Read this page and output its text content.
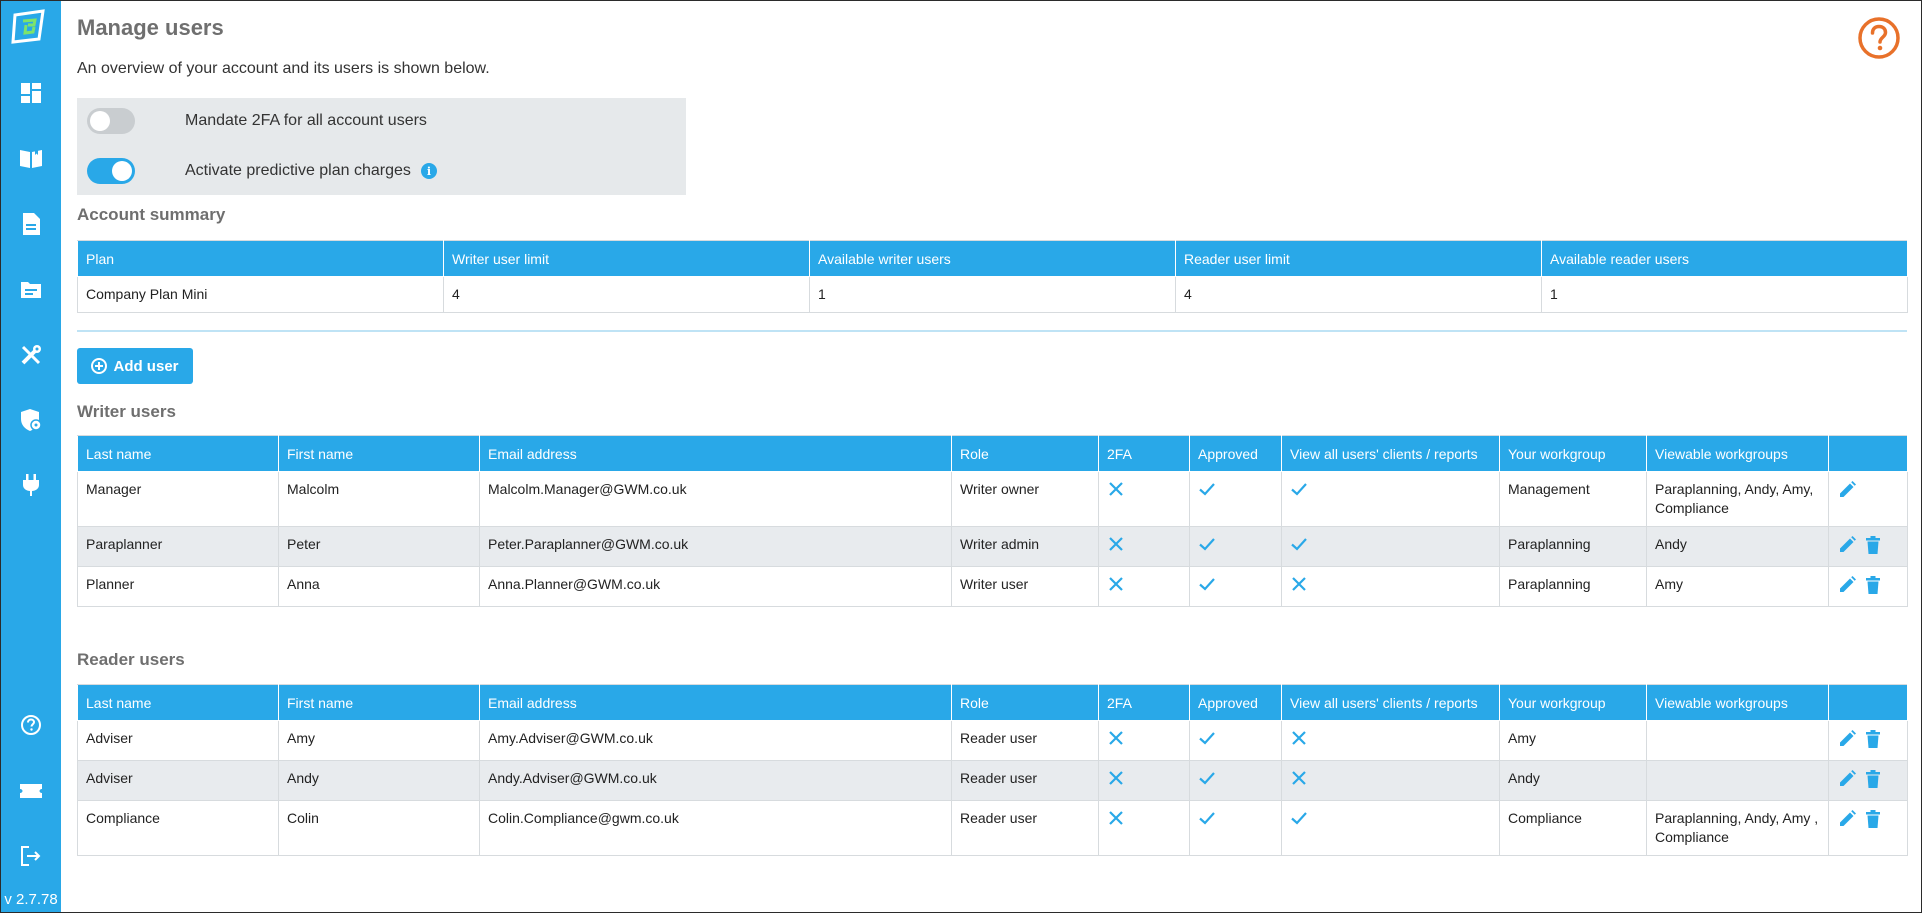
v 2.7.78
Manage users
An overview of your account and its users is shown below.
Mandate 2FA for all account users
Activate predictive plan charges	i
Account summary
Plan	Writer user limit	Available writer users	Reader user limit	Available reader users
Company Plan Mini	4	1	4	1
Add user
Writer users
Last name	First name	Email address	Role	2FA	Approved	View all users' clients / reports	Your workgroup	Viewable workgroups	
Manager	Malcolm	Malcolm.Manager@GWM.co.uk	Writer owner				Management	Paraplanning, Andy, Amy, Compliance	

Paraplanner	Peter	Peter.Paraplanner@GWM.co.uk	Writer admin				Paraplanning	Andy	

Planner	Anna	Anna.Planner@GWM.co.uk	Writer user				Paraplanning	Amy	
Reader users
Last name	First name	Email address	Role	2FA	Approved	View all users' clients / reports	Your workgroup	Viewable workgroups	
Adviser	Amy	Amy.Adviser@GWM.co.uk	Reader user				Amy		

Adviser	Andy	Andy.Adviser@GWM.co.uk	Reader user				Andy		

Compliance	Colin	Colin.Compliance@gwm.co.uk	Reader user				Compliance	Paraplanning, Andy, Amy , Compliance	
